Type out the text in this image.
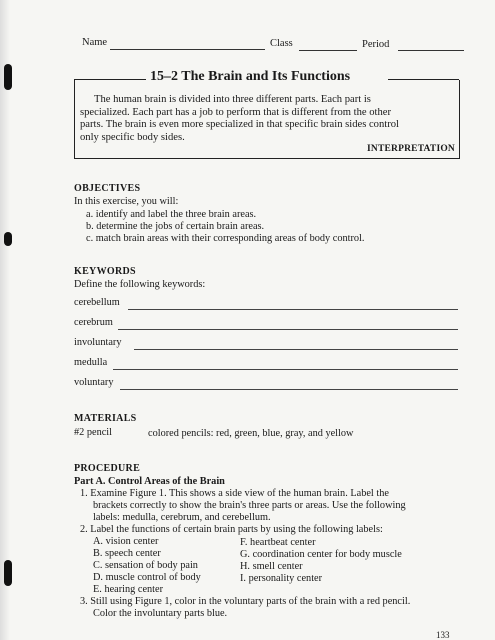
Name	Class	Period
15–2 The Brain and Its Functions
The human brain is divided into three different parts. Each part is
specialized. Each part has a job to perform that is different from the other
parts. The brain is even more specialized in that specific brain sides control
only specific body sides.
INTERPRETATION
OBJECTIVES
In this exercise, you will:
a. identify and label the three brain areas.
b. determine the jobs of certain brain areas.
c. match brain areas with their corresponding areas of body control.
KEYWORDS
Define the following keywords:
cerebellum
cerebrum
involuntary
medulla
voluntary
MATERIALS
#2 pencil	colored pencils: red, green, blue, gray, and yellow
PROCEDURE
Part A. Control Areas of the Brain
1. Examine Figure 1. This shows a side view of the human brain. Label the
brackets correctly to show the brain's three parts or areas. Use the following
labels: medulla, cerebrum, and cerebellum.
2. Label the functions of certain brain parts by using the following labels:
A. vision center
B. speech center
C. sensation of body pain
D. muscle control of body
E. hearing center
F. heartbeat center
G. coordination center for body muscle
H. smell center
I. personality center
3. Still using Figure 1, color in the voluntary parts of the brain with a red pencil.
Color the involuntary parts blue.
133
